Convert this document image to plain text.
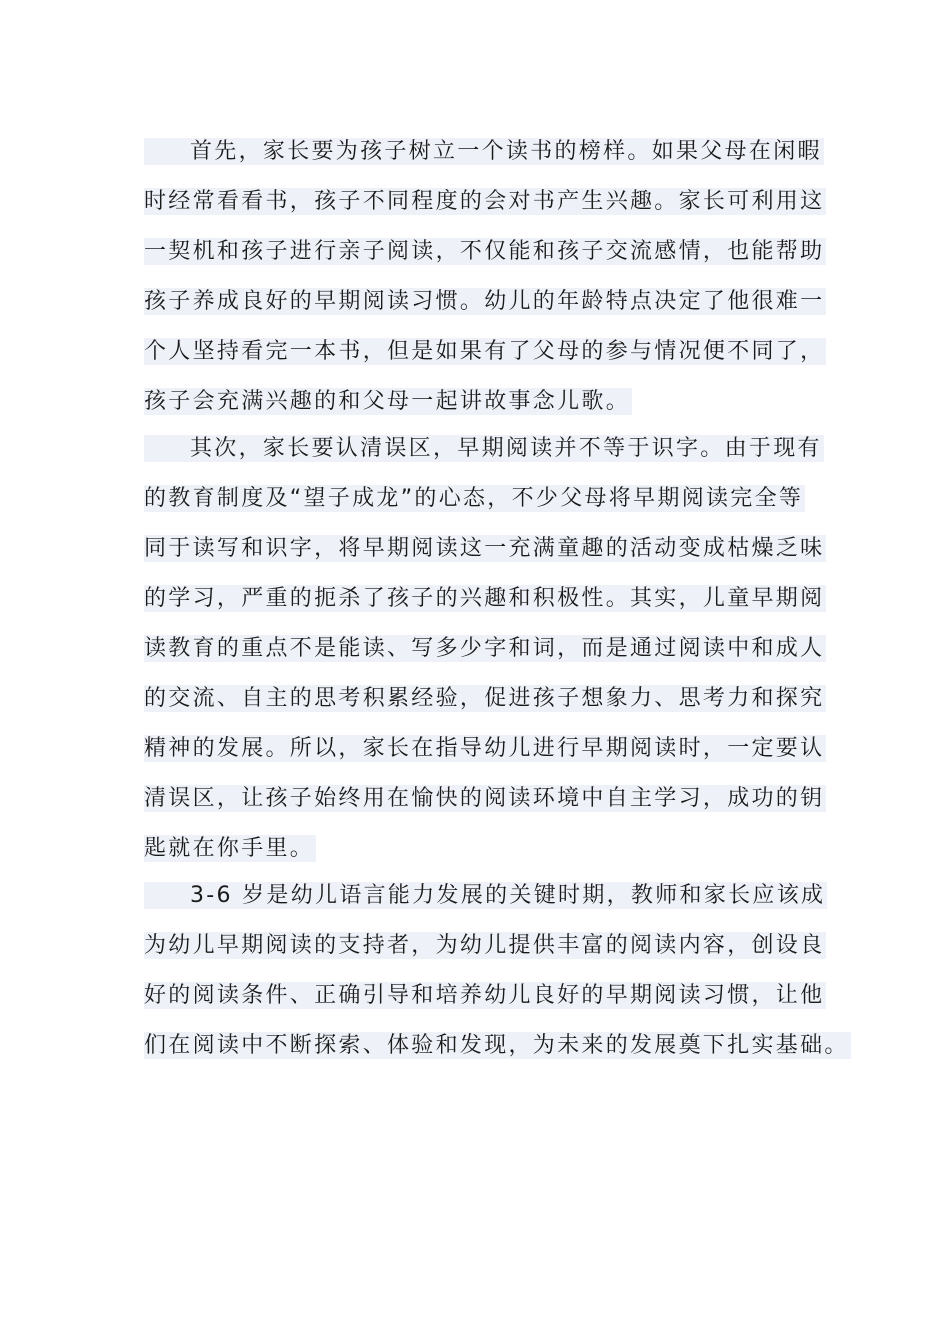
首先，家长要为孩子树立一个读书的榜样。如果父母在闲暇
时经常看看书，孩子不同程度的会对书产生兴趣。家长可利用这
一契机和孩子进行亲子阅读，不仅能和孩子交流感情，也能帮助
孩子养成良好的早期阅读习惯。幼儿的年龄特点决定了他很难一
个人坚持看完一本书，但是如果有了父母的参与情况便不同了，
孩子会充满兴趣的和父母一起讲故事念儿歌。
其次，家长要认清误区，早期阅读并不等于识字。由于现有
的教育制度及“望子成龙”的心态，不少父母将早期阅读完全等
同于读写和识字，将早期阅读这一充满童趣的活动变成枯燥乏味
的学习，严重的扼杀了孩子的兴趣和积极性。其实，儿童早期阅
读教育的重点不是能读、写多少字和词，而是通过阅读中和成人
的交流、自主的思考积累经验，促进孩子想象力、思考力和探究
精神的发展。所以，家长在指导幼儿进行早期阅读时，一定要认
清误区，让孩子始终用在愉快的阅读环境中自主学习，成功的钥
匙就在你手里。
3-6 岁是幼儿语言能力发展的关键时期，教师和家长应该成
为幼儿早期阅读的支持者，为幼儿提供丰富的阅读内容，创设良
好的阅读条件、正确引导和培养幼儿良好的早期阅读习惯，让他
们在阅读中不断探索、体验和发现，为未来的发展奠下扎实基础。
